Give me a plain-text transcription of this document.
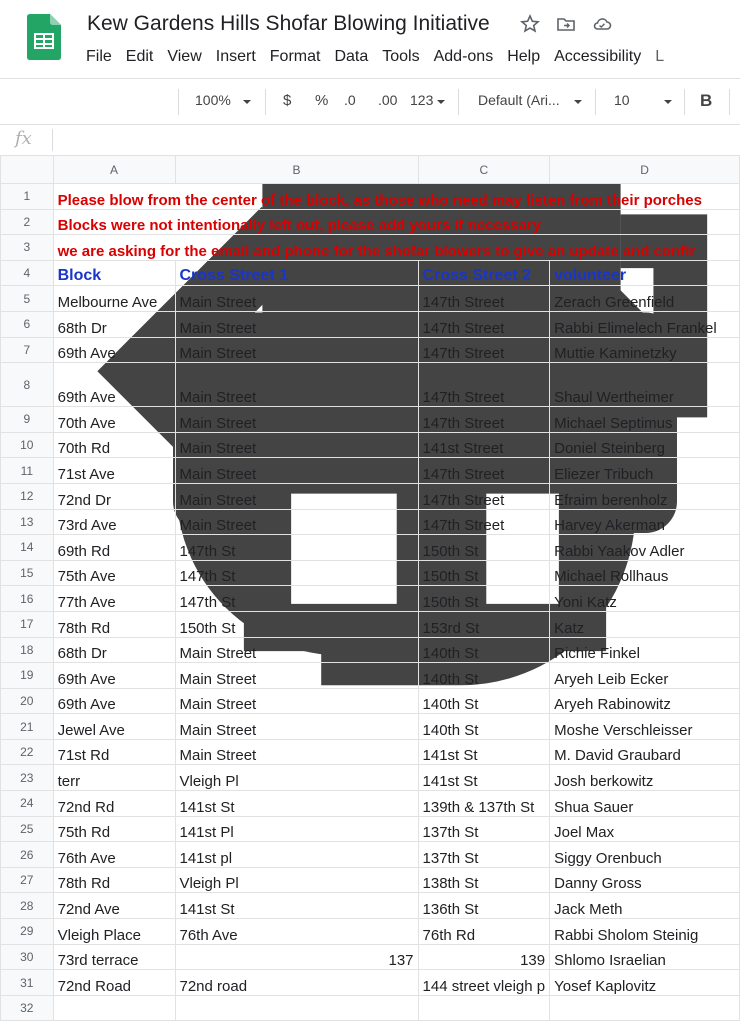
Kew Gardens Hills Shofar Blowing Initiative
File Edit View Insert Format Data Tools Add-ons Help Accessibility L
100%	$ % .0 .00 123	Default (Ari...	10	B
fx
	A	B	C	D
1	Please blow from the center of the block, as those who need may listen from their porches			
2	Blocks were not intentionally left out, please add yours if necessary			
3	we are asking for the email and phone for the shofar blowers to give an update and confir			
4	Block	Cross Street 1	Cross Street 2	volunteer
5	Melbourne Ave	Main Street	147th Street	Zerach Greenfield
6	68th Dr	Main Street	147th Street	Rabbi Elimelech Frankel
7	69th Ave	Main Street	147th Street	Muttie Kaminetzky
8	69th Ave	Main Street	147th Street	Shaul Wertheimer
9	70th Ave	Main Street	147th Street	Michael Septimus
10	70th Rd	Main Street	141st Street	Doniel Steinberg
11	71st Ave	Main Street	147th Street	Eliezer Tribuch
12	72nd Dr	Main Street	147th Street	Efraim berenholz
13	73rd Ave	Main Street	147th Street	Harvey Akerman
14	69th Rd	147th St	150th St	Rabbi Yaakov Adler
15	75th Ave	147th St	150th St	Michael Rollhaus
16	77th Ave	147th St	150th St	Yoni Katz
17	78th Rd	150th St	153rd St	Katz
18	68th Dr	Main Street	140th St	Richie Finkel
19	69th Ave	Main Street	140th St	Aryeh Leib Ecker
20	69th Ave	Main Street	140th St	Aryeh Rabinowitz
21	Jewel Ave	Main Street	140th St	Moshe Verschleisser
22	71st Rd	Main Street	141st St	M. David Graubard
23	terr	Vleigh Pl	141st St	Josh berkowitz
24	72nd Rd	141st St	139th & 137th St	Shua Sauer
25	75th Rd	141st Pl	137th St	Joel Max
26	76th Ave	141st pl	137th St	Siggy Orenbuch
27	78th Rd	Vleigh Pl	138th St	Danny Gross
28	72nd Ave	141st St	136th St	Jack Meth
29	Vleigh Place	76th Ave	76th Rd	Rabbi Sholom Steinig
30	73rd terrace	137	139	Shlomo Israelian
31	72nd Road	72nd road	144 street vleigh p	Yosef Kaplovitz
32				
